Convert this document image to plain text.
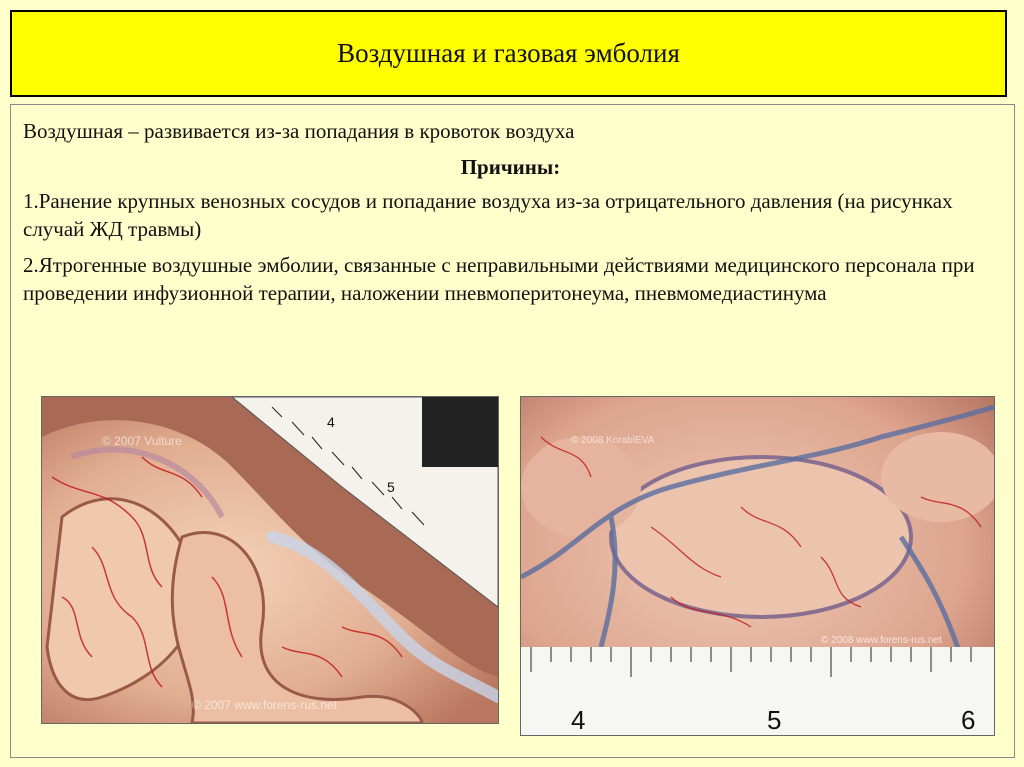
Воздушная и газовая эмболия

Воздушная – развивается из-за попадания в кровоток воздуха

Причины:

1.Ранение крупных венозных сосудов и попадание воздуха из-за отрицательного давления (на рисунках случай ЖД травмы)

2.Ятрогенные воздушные эмболии, связанные с неправильными действиями медицинского персонала при проведении инфузионной терапии, наложении пневмоперитонеума, пневмомедиастинума

4
5
© 2007 Vulture
© 2007 www.forens-rus.net	4	5	6
© 2008 KorablEVA
© 2008 www.forens-rus.net
